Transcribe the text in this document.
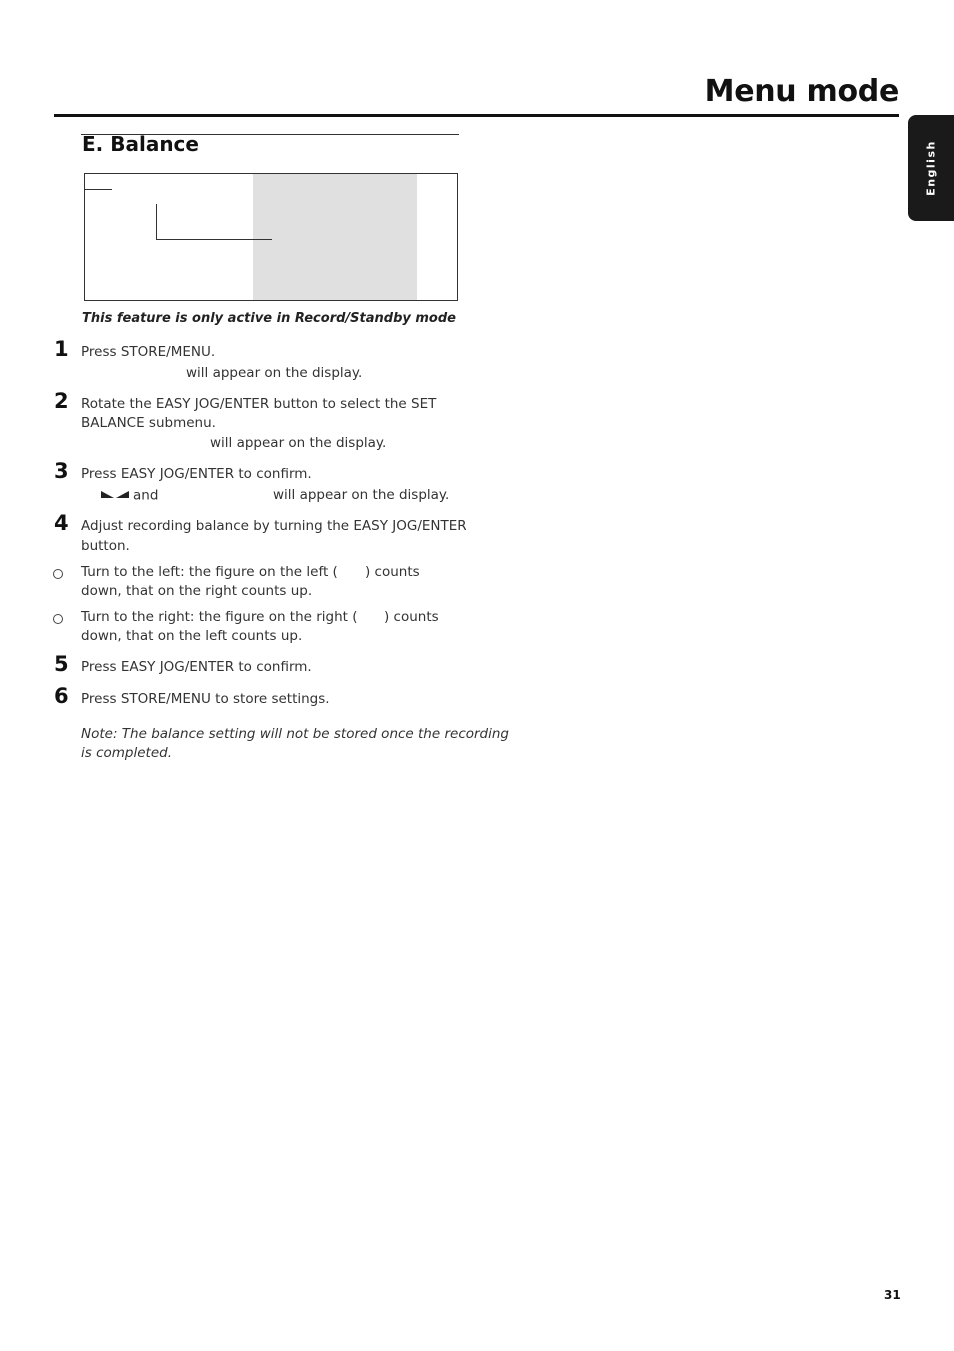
Menu mode
English
E. Balance
This feature is only active in Record/Standby mode
1 Press STORE/MENU.
will appear on the display.
2 Rotate the EASY JOG/ENTER button to select the SET
BALANCE submenu.
will appear on the display.
3 Press EASY JOG/ENTER to confirm.
and	will appear on the display.
4 Adjust recording balance by turning the EASY JOG/ENTER
button.
Turn to the left: the figure on the left ( ) counts
down, that on the right counts up.
Turn to the right: the figure on the right ( ) counts
down, that on the left counts up.
5 Press EASY JOG/ENTER to confirm.
6 Press STORE/MENU to store settings.
Note: The balance setting will not be stored once the recording
is completed.
31
